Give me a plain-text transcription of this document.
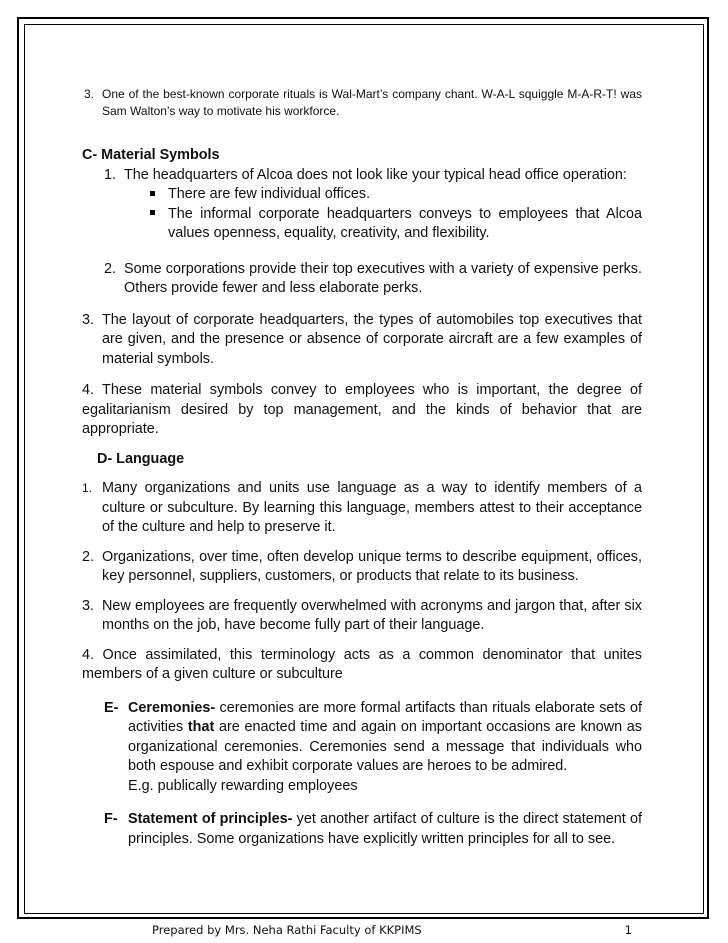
3. One of the best-known corporate rituals is Wal-Mart’s company chant. W-A-L squiggle M-A-R-T! was Sam Walton’s way to motivate his workforce.

C- Material Symbols

1. The headquarters of Alcoa does not look like your typical head office operation:

There are few individual offices.

The informal corporate headquarters conveys to employees that Alcoa values openness, equality, creativity, and flexibility.

2. Some corporations provide their top executives with a variety of expensive perks. Others provide fewer and less elaborate perks.

3. The layout of corporate headquarters, the types of automobiles top executives that are given, and the presence or absence of corporate aircraft are a few examples of material symbols.

4. These material symbols convey to employees who is important, the degree of egalitarianism desired by top management, and the kinds of behavior that are appropriate.

D- Language

1. Many organizations and units use language as a way to identify members of a culture or subculture. By learning this language, members attest to their acceptance of the culture and help to preserve it.

2. Organizations, over time, often develop unique terms to describe equipment, offices, key personnel, suppliers, customers, or products that relate to its business.

3. New employees are frequently overwhelmed with acronyms and jargon that, after six months on the job, have become fully part of their language.

4. Once assimilated, this terminology acts as a common denominator that unites members of a given culture or subculture

E- Ceremonies- ceremonies are more formal artifacts than rituals elaborate sets of activities that are enacted time and again on important occasions are known as organizational ceremonies. Ceremonies send a message that individuals who both espouse and exhibit corporate values are heroes to be admired.
E.g. publically rewarding employees

F- Statement of principles- yet another artifact of culture is the direct statement of principles. Some organizations have explicitly written principles for all to see.

Prepared by Mrs. Neha Rathi Faculty of KKPIMS	1
